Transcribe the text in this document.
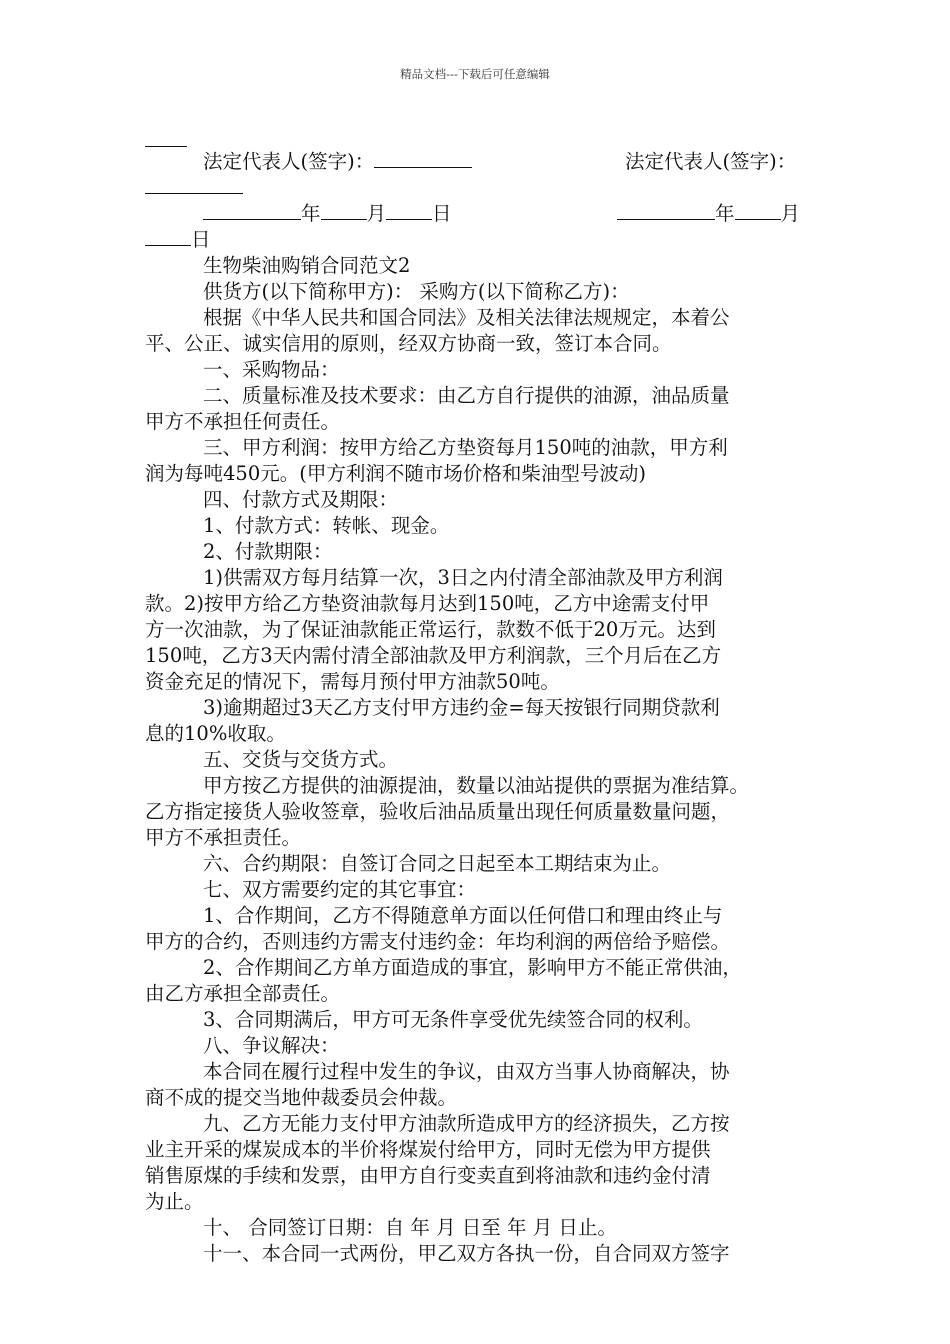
精品文档---下载后可任意编辑
法定代表人(签字)：	法定代表人(签字)：
年 月 日	年 月
日
生物柴油购销合同范文2
供货方(以下简称甲方)： 采购方(以下简称乙方)：
根据《中华人民共和国合同法》及相关法律法规规定，本着公
平、公正、诚实信用的原则，经双方协商一致，签订本合同。
一、采购物品：
二、质量标准及技术要求：由乙方自行提供的油源，油品质量
甲方不承担任何责任。
三、甲方利润：按甲方给乙方垫资每月150吨的油款，甲方利
润为每吨450元。(甲方利润不随市场价格和柴油型号波动)
四、付款方式及期限：
1、付款方式：转帐、现金。
2、付款期限：
1)供需双方每月结算一次，3日之内付清全部油款及甲方利润
款。2)按甲方给乙方垫资油款每月达到150吨，乙方中途需支付甲
方一次油款，为了保证油款能正常运行，款数不低于20万元。达到
150吨，乙方3天内需付清全部油款及甲方利润款，三个月后在乙方
资金充足的情况下，需每月预付甲方油款50吨。
3)逾期超过3天乙方支付甲方违约金=每天按银行同期贷款利
息的10%收取。
五、交货与交货方式。
甲方按乙方提供的油源提油，数量以油站提供的票据为准结算。
乙方指定接货人验收签章，验收后油品质量出现任何质量数量问题，
甲方不承担责任。
六、合约期限：自签订合同之日起至本工期结束为止。
七、双方需要约定的其它事宜：
1、合作期间，乙方不得随意单方面以任何借口和理由终止与
甲方的合约，否则违约方需支付违约金：年均利润的两倍给予赔偿。
2、合作期间乙方单方面造成的事宜，影响甲方不能正常供油，
由乙方承担全部责任。
3、合同期满后，甲方可无条件享受优先续签合同的权利。
八、争议解决：
本合同在履行过程中发生的争议，由双方当事人协商解决，协
商不成的提交当地仲裁委员会仲裁。
九、乙方无能力支付甲方油款所造成甲方的经济损失，乙方按
业主开采的煤炭成本的半价将煤炭付给甲方，同时无偿为甲方提供
销售原煤的手续和发票，由甲方自行变卖直到将油款和违约金付清
为止。
十、 合同签订日期：自 年 月 日至 年 月 日止。
十一、本合同一式两份，甲乙双方各执一份，自合同双方签字
